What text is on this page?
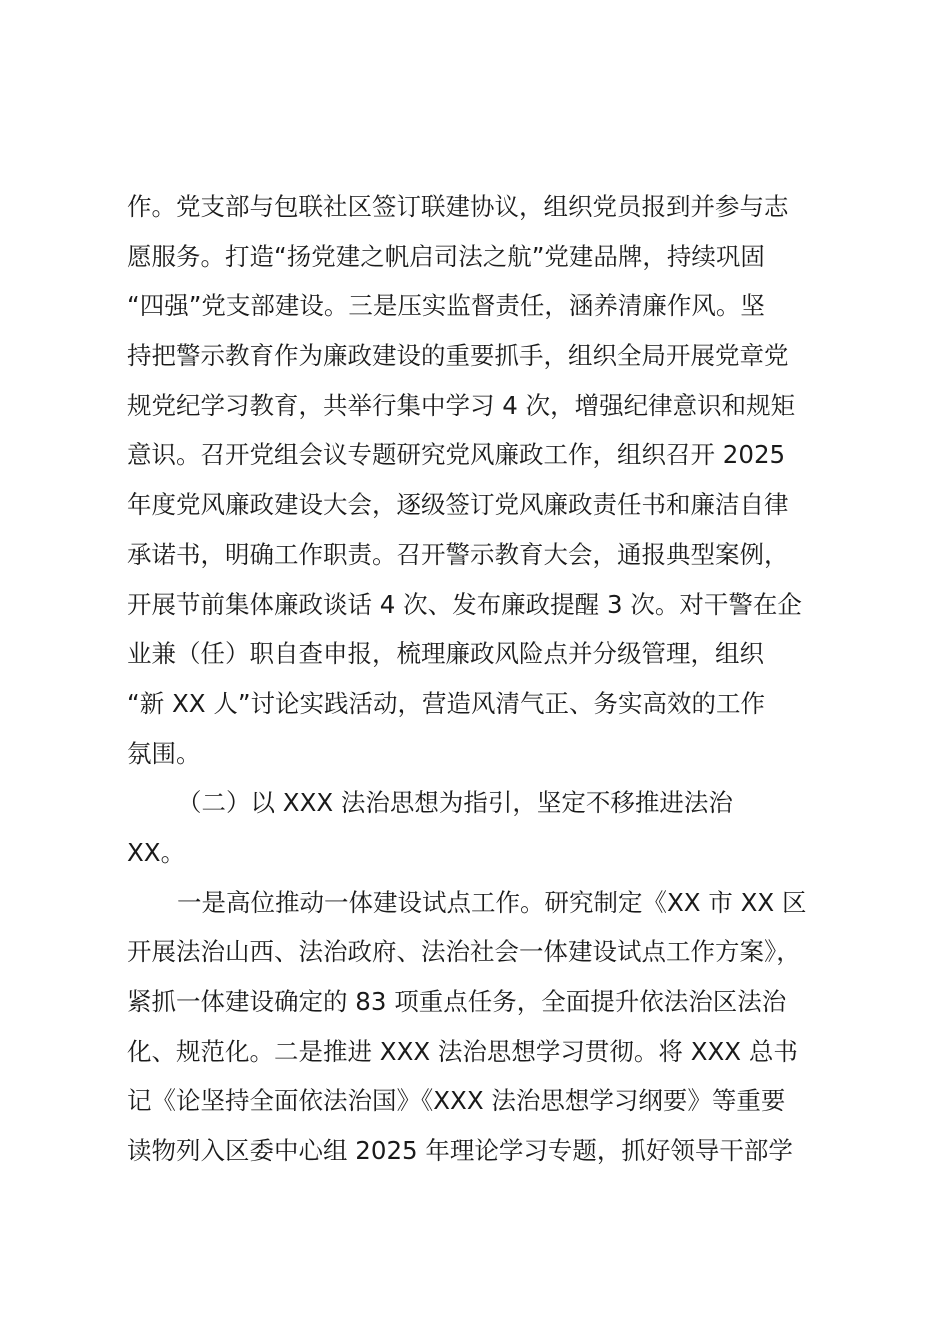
作。党支部与包联社区签订联建协议，组织党员报到并参与志
愿服务。打造“扬党建之帆启司法之航”党建品牌，持续巩固
“四强”党支部建设。三是压实监督责任，涵养清廉作风。坚
持把警示教育作为廉政建设的重要抓手，组织全局开展党章党
规党纪学习教育，共举行集中学习 4 次，增强纪律意识和规矩
意识。召开党组会议专题研究党风廉政工作，组织召开 2025
年度党风廉政建设大会，逐级签订党风廉政责任书和廉洁自律
承诺书，明确工作职责。召开警示教育大会，通报典型案例，
开展节前集体廉政谈话 4 次、发布廉政提醒 3 次。对干警在企
业兼（任）职自查申报，梳理廉政风险点并分级管理，组织
“新 XX 人”讨论实践活动，营造风清气正、务实高效的工作
氛围。
（二）以 XXX 法治思想为指引，坚定不移推进法治
XX。
一是高位推动一体建设试点工作。研究制定《XX 市 XX 区
开展法治山西、法治政府、法治社会一体建设试点工作方案》，
紧抓一体建设确定的 83 项重点任务，全面提升依法治区法治
化、规范化。二是推进 XXX 法治思想学习贯彻。将 XXX 总书
记《论坚持全面依法治国》《XXX 法治思想学习纲要》等重要
读物列入区委中心组 2025 年理论学习专题，抓好领导干部学
